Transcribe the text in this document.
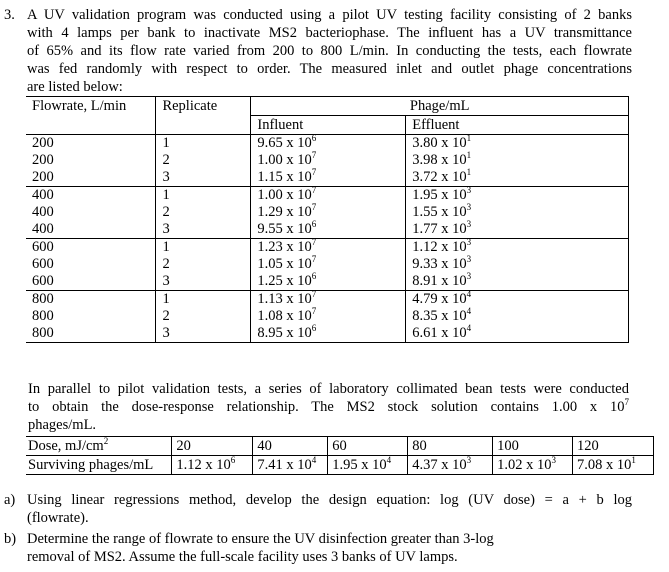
3. A UV validation program was conducted using a pilot UV testing facility consisting of 2 banks
with 4 lamps per bank to inactivate MS2 bacteriophase. The influent has a UV transmittance
of 65% and its flow rate varied from 200 to 800 L/min. In conducting the tests, each flowrate
was fed randomly with respect to order. The measured inlet and outlet phage concentrations
are listed below:
Flowrate, L/min	Replicate	Phage/mL	
		Influent	Effluent
200	1	9.65 x $10^6$	3.80 x $10^1$
200	2	1.00 x $10^7$	3.98 x $10^1$
200	3	1.15 x $10^7$	3.72 x $10^1$
400	1	1.00 x $10^7$	1.95 x $10^3$
400	2	1.29 x $10^7$	1.55 x $10^3$
400	3	9.55 x $10^6$	1.77 x $10^3$
600	1	1.23 x $10^7$	1.12 x $10^3$
600	2	1.05 x $10^7$	9.33 x $10^3$
600	3	1.25 x $10^6$	8.91 x $10^3$
800	1	1.13 x $10^7$	4.79 x $10^4$
800	2	1.08 x $10^7$	8.35 x $10^4$
800	3	8.95 x $10^6$	6.61 x $10^4$
In parallel to pilot validation tests, a series of laboratory collimated bean tests were conducted
to obtain the dose-response relationship. The MS2 stock solution contains 1.00 x $10^7$
phages/mL.
Dose, $mJ/cm^2$	20	40	60	80	100	120
Surviving phages/mL	1.12 x $10^6$	7.41 x $10^4$	1.95 x $10^4$	4.37 x $10^3$	1.02 x $10^3$	7.08 x $10^1$
a) Using linear regressions method, develop the design equation: log (UV dose) = a + b log
(flowrate).
b) Determine the range of flowrate to ensure the UV disinfection greater than 3-log
removal of MS2. Assume the full-scale facility uses 3 banks of UV lamps.
